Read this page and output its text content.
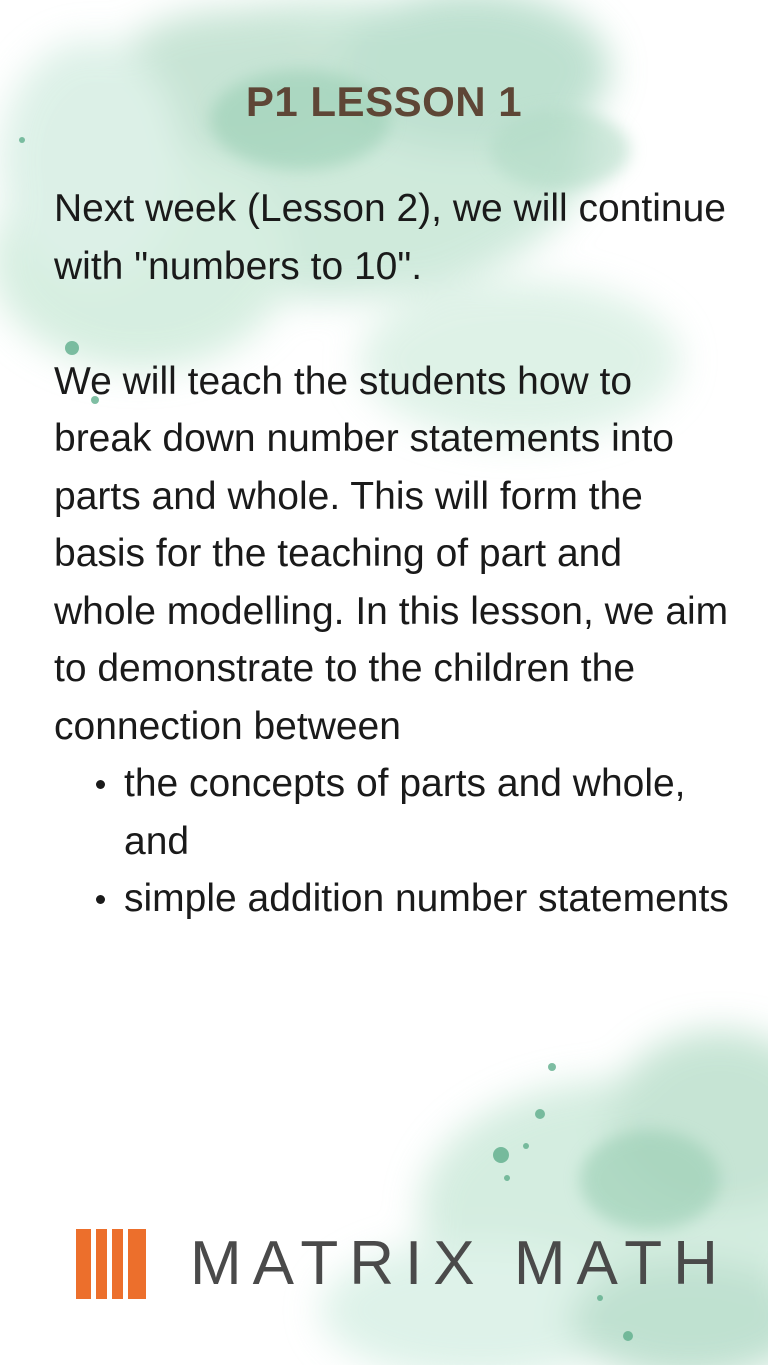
P1 LESSON 1

Next week (Lesson 2), we will continue with "numbers to 10".

We will teach the students how to break down number statements into parts and whole. This will form the basis for the teaching of part and whole modelling. In this lesson, we aim to demonstrate to the children the connection between

the concepts of parts and whole, and
simple addition number statements
MATRIX MATH
